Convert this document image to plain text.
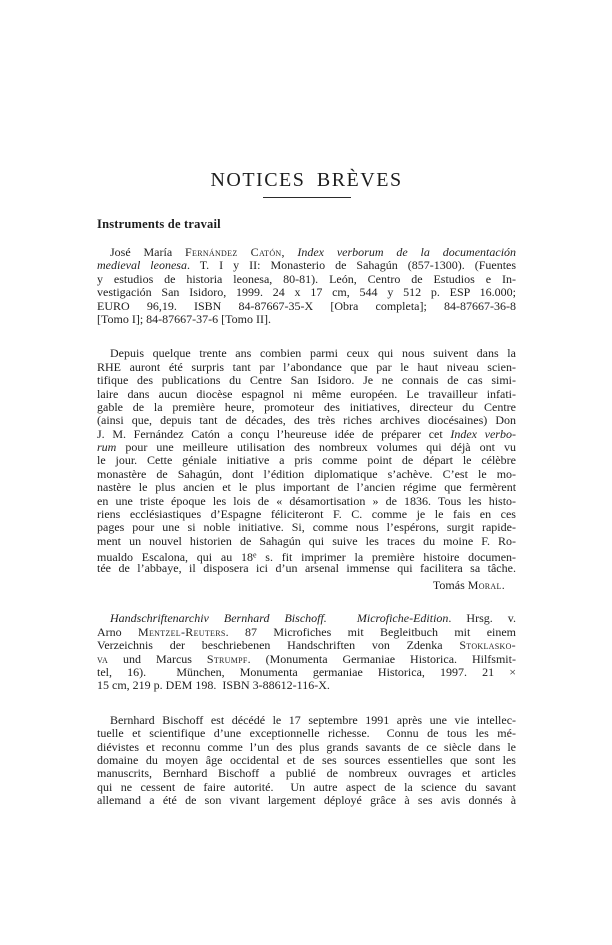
NOTICES BRÈVES
Instruments de travail
José María Fernández Catón, Index verborum de la documentación
medieval leonesa. T. I y II: Monasterio de Sahagún (857-1300). (Fuentes
y estudios de historia leonesa, 80-81). León, Centro de Estudios e In-
vestigación San Isidoro, 1999. 24 x 17 cm, 544 y 512 p. ESP 16.000;
EURO 96,19. ISBN 84-87667-35-X [Obra completa]; 84-87667-36-8
[Tomo I]; 84-87667-37-6 [Tomo II].
Depuis quelque trente ans combien parmi ceux qui nous suivent dans la
RHE auront été surpris tant par l’abondance que par le haut niveau scien-
tifique des publications du Centre San Isidoro. Je ne connais de cas simi-
laire dans aucun diocèse espagnol ni même européen. Le travailleur infati-
gable de la première heure, promoteur des initiatives, directeur du Centre
(ainsi que, depuis tant de décades, des très riches archives diocésaines) Don
J. M. Fernández Catón a conçu l’heureuse idée de préparer cet Index verbo-
rum pour une meilleure utilisation des nombreux volumes qui déjà ont vu
le jour. Cette géniale initiative a pris comme point de départ le célèbre
monastère de Sahagún, dont l’édition diplomatique s’achève. C’est le mo-
nastère le plus ancien et le plus important de l’ancien régime que fermèrent
en une triste époque les lois de « désamortisation » de 1836. Tous les histo-
riens ecclésiastiques d’Espagne féliciteront F. C. comme je le fais en ces
pages pour une si noble initiative. Si, comme nous l’espérons, surgit rapide-
ment un nouvel historien de Sahagún qui suive les traces du moine F. Ro-
mualdo Escalona, qui au 18e s. fit imprimer la première histoire documen-
tée de l’abbaye, il disposera ici d’un arsenal immense qui facilitera sa tâche.
Tomás Moral.
Handschriftenarchiv Bernhard Bischoff.  Microfiche-Edition. Hrsg. v.
Arno Mentzel-Reuters. 87 Microfiches mit Begleitbuch mit einem
Verzeichnis der beschriebenen Handschriften von Zdenka Stoklasko-
va und Marcus Strumpf. (Monumenta Germaniae Historica. Hilfsmit-
tel, 16).  München, Monumenta germaniae Historica, 1997. 21 ×
15 cm, 219 p. DEM 198.  ISBN 3-88612-116-X.
Bernhard Bischoff est décédé le 17 septembre 1991 après une vie intellec-
tuelle et scientifique d’une exceptionnelle richesse.  Connu de tous les mé-
diévistes et reconnu comme l’un des plus grands savants de ce siècle dans le
domaine du moyen âge occidental et de ses sources essentielles que sont les
manuscrits, Bernhard Bischoff a publié de nombreux ouvrages et articles
qui ne cessent de faire autorité.  Un autre aspect de la science du savant
allemand a été de son vivant largement déployé grâce à ses avis donnés à
